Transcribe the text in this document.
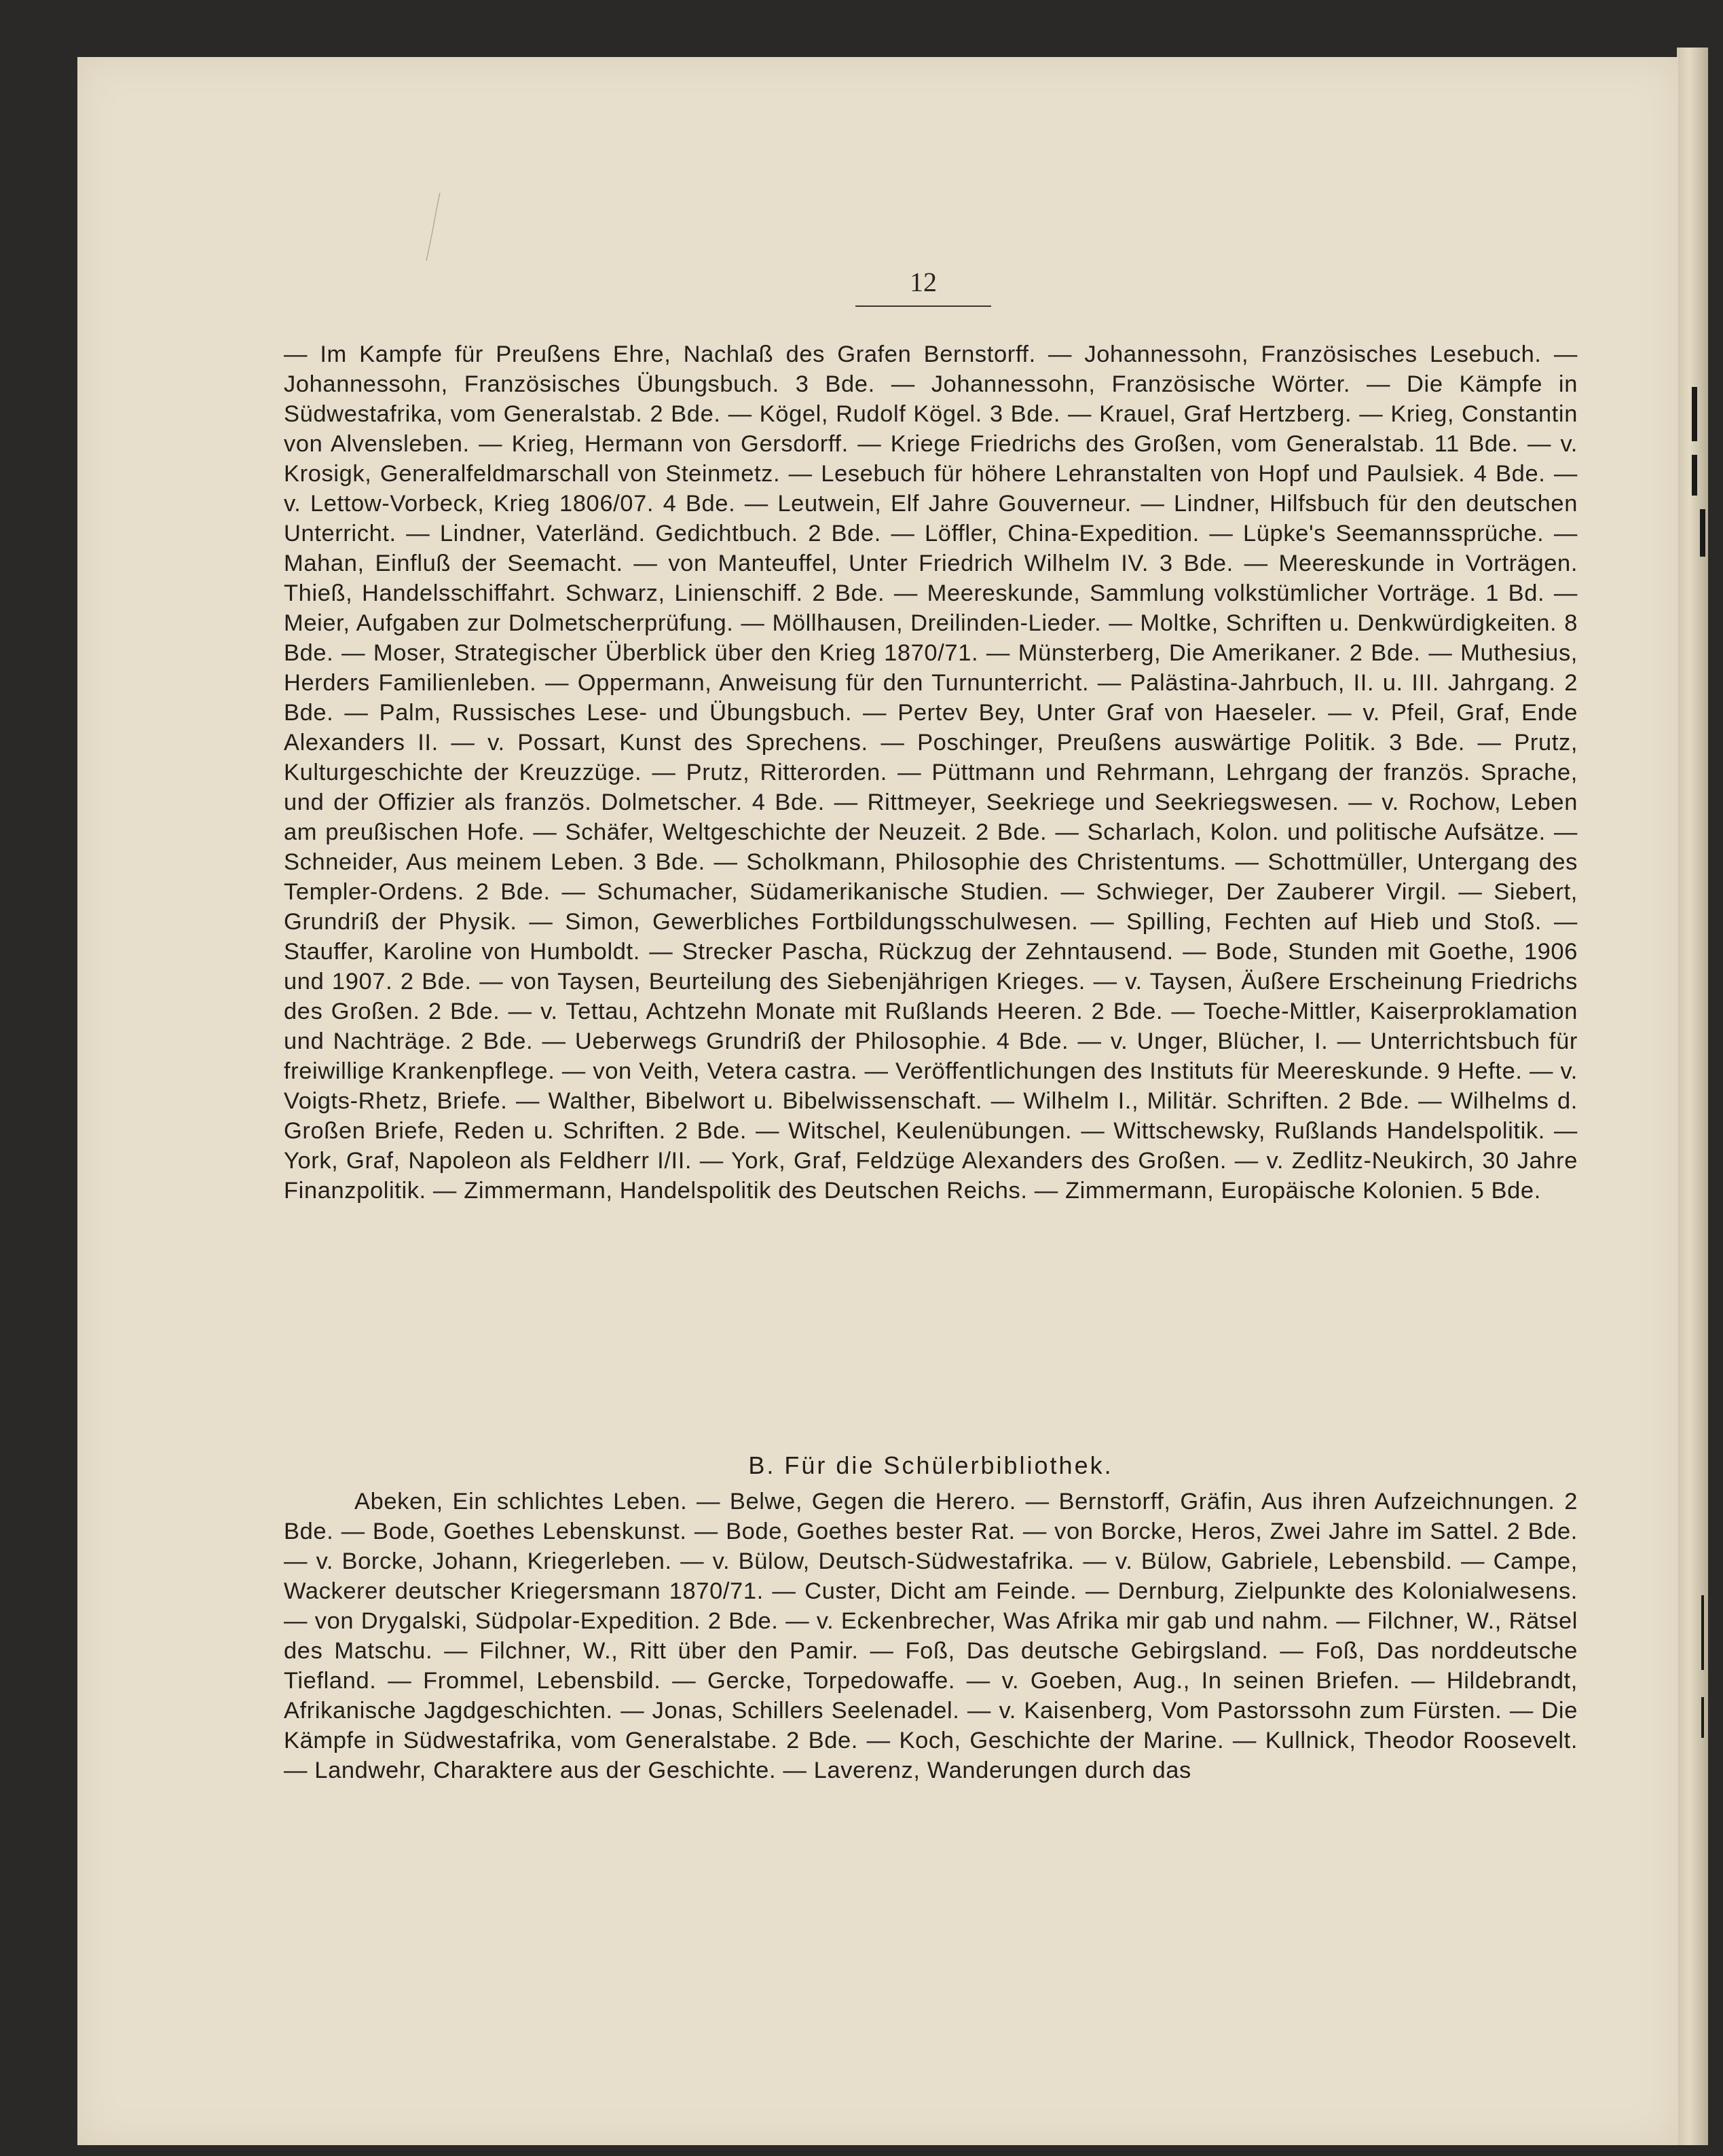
12

— Im Kampfe für Preußens Ehre, Nachlaß des Grafen Bernstorff. — Johannessohn, Französisches Lesebuch. — Johannessohn, Französisches Übungsbuch. 3 Bde. — Johannessohn, Französische Wörter. — Die Kämpfe in Südwestafrika, vom Generalstab. 2 Bde. — Kögel, Rudolf Kögel. 3 Bde. — Krauel, Graf Hertzberg. — Krieg, Constantin von Alvensleben. — Krieg, Hermann von Gersdorff. — Kriege Friedrichs des Großen, vom Generalstab. 11 Bde. — v. Krosigk, Generalfeldmarschall von Steinmetz. — Lesebuch für höhere Lehranstalten von Hopf und Paulsiek. 4 Bde. — v. Lettow-Vorbeck, Krieg 1806/07. 4 Bde. — Leutwein, Elf Jahre Gouverneur. — Lindner, Hilfsbuch für den deutschen Unterricht. — Lindner, Vaterländ. Gedichtbuch. 2 Bde. — Löffler, China-Expedition. — Lüpke's Seemannssprüche. — Mahan, Einfluß der Seemacht. — von Manteuffel, Unter Friedrich Wilhelm IV. 3 Bde. — Meereskunde in Vorträgen. Thieß, Handelsschiffahrt. Schwarz, Linienschiff. 2 Bde. — Meereskunde, Sammlung volkstümlicher Vorträge. 1 Bd. — Meier, Aufgaben zur Dolmetscherprüfung. — Möllhausen, Dreilinden-Lieder. — Moltke, Schriften u. Denkwürdigkeiten. 8 Bde. — Moser, Strategischer Überblick über den Krieg 1870/71. — Münsterberg, Die Amerikaner. 2 Bde. — Muthesius, Herders Familienleben. — Oppermann, Anweisung für den Turnunterricht. — Palästina-Jahrbuch, II. u. III. Jahrgang. 2 Bde. — Palm, Russisches Lese- und Übungsbuch. — Pertev Bey, Unter Graf von Haeseler. — v. Pfeil, Graf, Ende Alexanders II. — v. Possart, Kunst des Sprechens. — Poschinger, Preußens auswärtige Politik. 3 Bde. — Prutz, Kulturgeschichte der Kreuzzüge. — Prutz, Ritterorden. — Püttmann und Rehrmann, Lehrgang der französ. Sprache, und der Offizier als französ. Dolmetscher. 4 Bde. — Rittmeyer, Seekriege und Seekriegswesen. — v. Rochow, Leben am preußischen Hofe. — Schäfer, Weltgeschichte der Neuzeit. 2 Bde. — Scharlach, Kolon. und politische Aufsätze. — Schneider, Aus meinem Leben. 3 Bde. — Scholkmann, Philosophie des Christentums. — Schottmüller, Untergang des Templer-Ordens. 2 Bde. — Schumacher, Südamerikanische Studien. — Schwieger, Der Zauberer Virgil. — Siebert, Grundriß der Physik. — Simon, Gewerbliches Fortbildungsschulwesen. — Spilling, Fechten auf Hieb und Stoß. — Stauffer, Karoline von Humboldt. — Strecker Pascha, Rückzug der Zehntausend. — Bode, Stunden mit Goethe, 1906 und 1907. 2 Bde. — von Taysen, Beurteilung des Siebenjährigen Krieges. — v. Taysen, Äußere Erscheinung Friedrichs des Großen. 2 Bde. — v. Tettau, Achtzehn Monate mit Rußlands Heeren. 2 Bde. — Toeche-Mittler, Kaiserproklamation und Nachträge. 2 Bde. — Ueberwegs Grundriß der Philosophie. 4 Bde. — v. Unger, Blücher, I. — Unterrichtsbuch für freiwillige Krankenpflege. — von Veith, Vetera castra. — Veröffentlichungen des Instituts für Meereskunde. 9 Hefte. — v. Voigts-Rhetz, Briefe. — Walther, Bibelwort u. Bibelwissenschaft. — Wilhelm I., Militär. Schriften. 2 Bde. — Wilhelms d. Großen Briefe, Reden u. Schriften. 2 Bde. — Witschel, Keulenübungen. — Wittschewsky, Rußlands Handelspolitik. — York, Graf, Napoleon als Feldherr I/II. — York, Graf, Feldzüge Alexanders des Großen. — v. Zedlitz-Neukirch, 30 Jahre Finanzpolitik. — Zimmermann, Handelspolitik des Deutschen Reichs. — Zimmermann, Europäische Kolonien. 5 Bde.

B. Für die Schülerbibliothek.

Abeken, Ein schlichtes Leben. — Belwe, Gegen die Herero. — Bernstorff, Gräfin, Aus ihren Aufzeichnungen. 2 Bde. — Bode, Goethes Lebenskunst. — Bode, Goethes bester Rat. — von Borcke, Heros, Zwei Jahre im Sattel. 2 Bde. — v. Borcke, Johann, Kriegerleben. — v. Bülow, Deutsch-Südwestafrika. — v. Bülow, Gabriele, Lebensbild. — Campe, Wackerer deutscher Kriegersmann 1870/71. — Custer, Dicht am Feinde. — Dernburg, Zielpunkte des Kolonialwesens. — von Drygalski, Südpolar-Expedition. 2 Bde. — v. Eckenbrecher, Was Afrika mir gab und nahm. — Filchner, W., Rätsel des Matschu. — Filchner, W., Ritt über den Pamir. — Foß, Das deutsche Gebirgsland. — Foß, Das norddeutsche Tiefland. — Frommel, Lebensbild. — Gercke, Torpedowaffe. — v. Goeben, Aug., In seinen Briefen. — Hildebrandt, Afrikanische Jagdgeschichten. — Jonas, Schillers Seelenadel. — v. Kaisenberg, Vom Pastorssohn zum Fürsten. — Die Kämpfe in Südwestafrika, vom Generalstabe. 2 Bde. — Koch, Geschichte der Marine. — Kullnick, Theodor Roosevelt. — Landwehr, Charaktere aus der Geschichte. — Laverenz, Wanderungen durch das
